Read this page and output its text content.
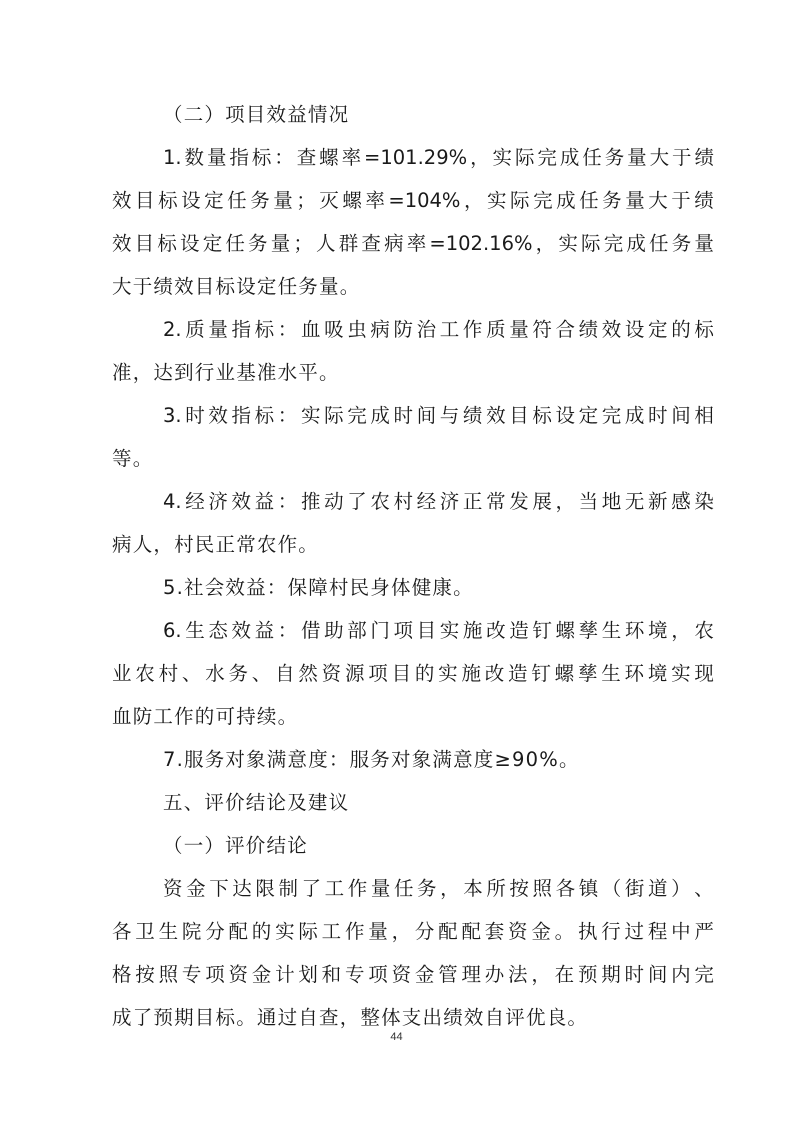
（二）项目效益情况
1. 数 量 指 标 ： 查 螺 率 =101.29% ， 实 际 完 成 任 务 量 大 于 绩
效 目 标 设 定 任 务 量 ； 灭 螺 率 =104% ， 实 际 完 成 任 务 量 大 于 绩
效 目 标 设 定 任 务 量 ； 人 群 查 病 率 =102.16% ， 实 际 完 成 任 务 量
大于绩效目标设定任务量。
2. 质 量 指 标 ： 血 吸 虫 病 防 治 工 作 质 量 符 合 绩 效 设 定 的 标
准，达到行业基准水平。
3. 时 效 指 标 ： 实 际 完 成 时 间 与 绩 效 目 标 设 定 完 成 时 间 相
等。
4. 经 济 效 益 ： 推 动 了 农 村 经 济 正 常 发 展 ， 当 地 无 新 感 染
病人，村民正常农作。
5.社会效益：保障村民身体健康。
6. 生 态 效 益 ： 借 助 部 门 项 目 实 施 改 造 钉 螺 孳 生 环 境 ， 农
业 农 村 、 水 务 、 自 然 资 源 项 目 的 实 施 改 造 钉 螺 孳 生 环 境 实 现
血防工作的可持续。
7.服务对象满意度：服务对象满意度≥90%。
五、评价结论及建议
（一）评价结论
资 金 下 达 限 制 了 工 作 量 任 务 ， 本 所 按 照 各 镇 （ 街 道 ） 、
各 卫 生 院 分 配 的 实 际 工 作 量 ， 分 配 配 套 资 金 。 执 行 过 程 中 严
格 按 照 专 项 资 金 计 划 和 专 项 资 金 管 理 办 法 ， 在 预 期 时 间 内 完
成了预期目标。通过自查，整体支出绩效自评优良。
44
